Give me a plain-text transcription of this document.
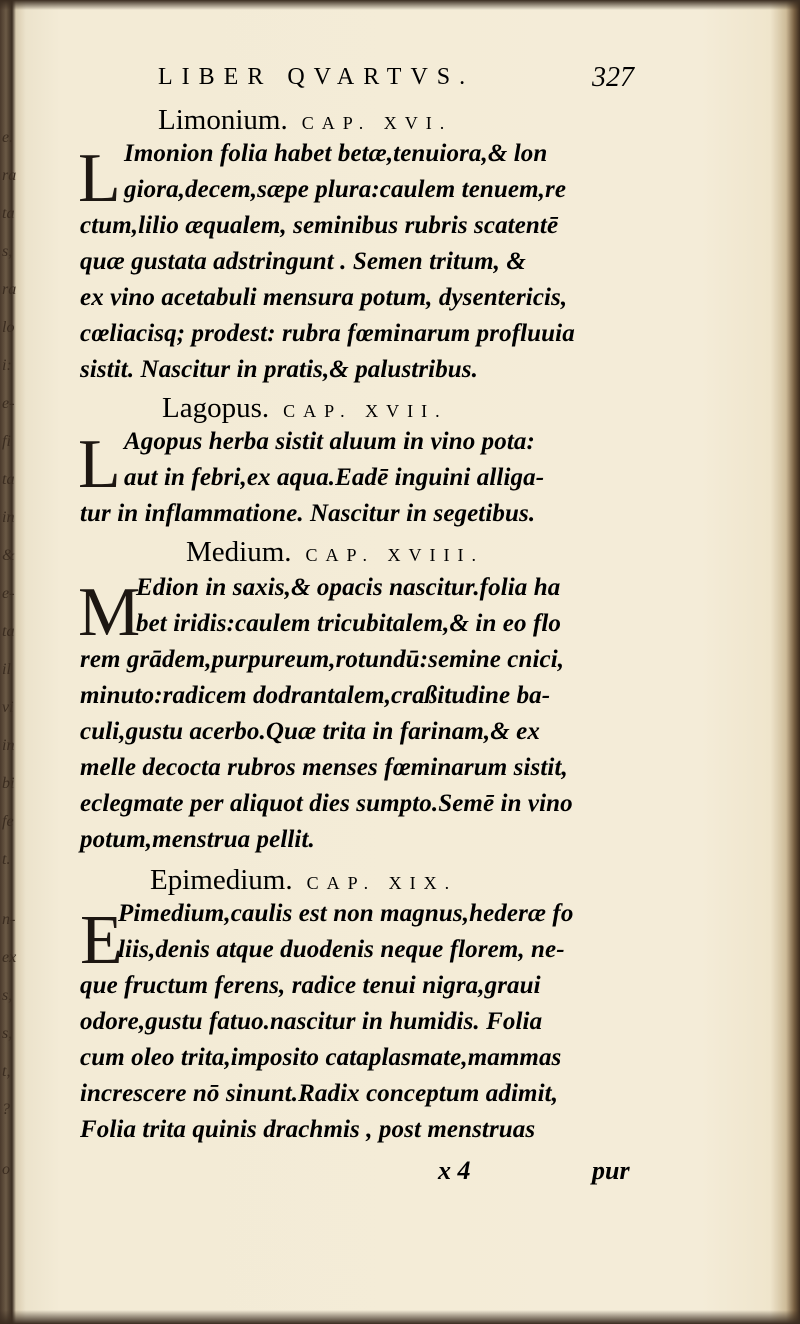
e.
ra
ta
s,
ra
lo
i:
e-
fi
ta
in
&
e-
ta
il
vi
in
bi
fe
t.
n-
ex
s,
s,
t,
?
o
LIBER QVARTVS.	327
Limonium. CAP. XVI.
L Imonion folia habet betæ,tenuiora,& lon
giora,decem,sæpe plura:caulem tenuem,re
ctum,lilio æqualem, seminibus rubris scatentē
quæ gustata adstringunt . Semen tritum, &
ex vino acetabuli mensura potum, dysentericis,
cœliacisq; prodest: rubra fœminarum profluuia
sistit. Nascitur in pratis,& palustribus.
Lagopus. CAP. XVII.
L Agopus herba sistit aluum in vino pota:
aut in febri,ex aqua.Eadē inguini alliga-
tur in inflammatione. Nascitur in segetibus.
Medium. CAP. XVIII.
M
Edion in saxis,& opacis nascitur.folia ha
bet iridis:caulem tricubitalem,& in eo flo
rem grādem,purpureum,rotundū:semine cnici,
minuto:radicem dodrantalem,craßitudine ba-
culi,gustu acerbo.Quæ trita in farinam,& ex
melle decocta rubros menses fœminarum sistit,
eclegmate per aliquot dies sumpto.Semē in vino
potum,menstrua pellit.
Epimedium. CAP. XIX.
E
Pimedium,caulis est non magnus,hederæ fo
liis,denis atque duodenis neque florem, ne-
que fructum ferens, radice tenui nigra,graui
odore,gustu fatuo.nascitur in humidis. Folia
cum oleo trita,imposito cataplasmate,mammas
increscere nō sinunt.Radix conceptum adimit,
Folia trita quinis drachmis , post menstruas
x 4	pur
